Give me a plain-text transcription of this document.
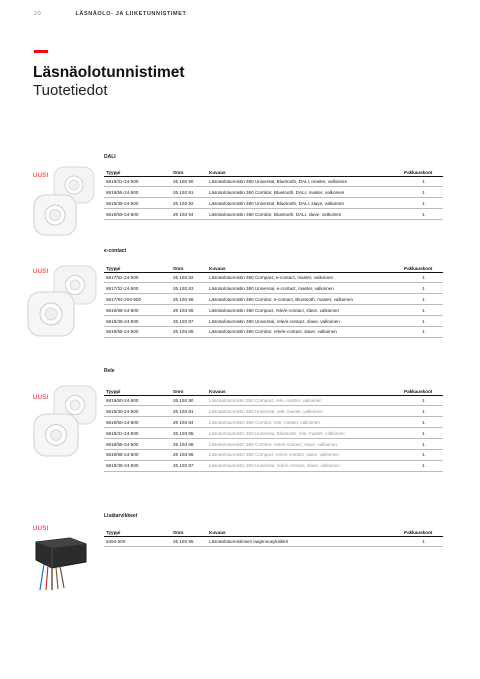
20	LÄSNÄOLO- JA LIIKETUNNISTIMET
Läsnäolotunnistimet
Tuotetiedot
DALI
UUSI
Tyyppi	Snro	Kuvaus	Pakkauskoot
6819/31-24-500	26 193 90	Läsnäolotunnistin 360 Universal, Bluetooth, DALI, master, valkoinen	1
6819/55-24-500	26 193 91	Läsnäolotunnistin 360 Corridor, Bluetooth, DALI, master, valkoinen	1
6819/39-24-500	26 193 92	Läsnäolotunnistin 360 Universal, Bluetooth, DALI, slave, valkoinen	1
6819/59-24-500	26 193 94	Läsnäolotunnistin 360 Corridor, Bluetooth, DALI, slave, valkoinen	1
e-contact
UUSI
Tyyppi	Snro	Kuvaus	Pakkauskoot
6817/62-24-500	26 193 82	Läsnäolotunnistin 360 Compact, e-contact, master, valkoinen	1
6817/32-24-500	26 193 83	Läsnäolotunnistin 360 Universal, e-contact, master, valkoinen	1
6817/93-204-500	26 193 98	Läsnäolotunnistin 360 Corridor, e-contact, Bluetooth, master, valkoinen	1
6819/68-24-500	26 193 86	Läsnäolotunnistin 360 Compact, rele/e-contact, slave, valkoinen	1
6819/38-24-500	26 193 87	Läsnäolotunnistin 360 Universal, rele/e-contact, slave, valkoinen	1
6819/58-24-500	26 193 88	Läsnäolotunnistin 360 Corridor, rele/e-contact, slave, valkoinen	1
Rele
UUSI
Tyyppi	Snro	Kuvaus	Pakkauskoot
6819/60-24-500	26 193 80	Läsnäolotunnistin 360 Compact, rele, master, valkoinen	1
6819/30-24-500	26 193 81	Läsnäolotunnistin 360 Universal, rele, master, valkoinen	1
6819/50-24-500	26 193 84	Läsnäolotunnistin 360 Corridor, rele, master, valkoinen	1
6819/31-24-500	26 193 85	Läsnäolotunnistin 360 Universal, Bluetooth, rele, master, valkoinen	1
6819/58-24-500	26 193 88	Läsnäolotunnistin 360 Corridor, rele/e-contact, slave, valkoinen	1
6819/68-24-500	26 193 86	Läsnäolotunnistin 360 Compact, rele/e-contact, slave, valkoinen	1
6819/38-24-500	26 193 87	Läsnäolotunnistin 360 Universal, rele/e-contact, slave, valkoinen	1
Lisätarvikkeet
UUSI
Tyyppi	Snro	Kuvaus	Pakkauskoot
6494-500	26 193 95	Läsnäolotunnistimien laajennusyksikkö	1
